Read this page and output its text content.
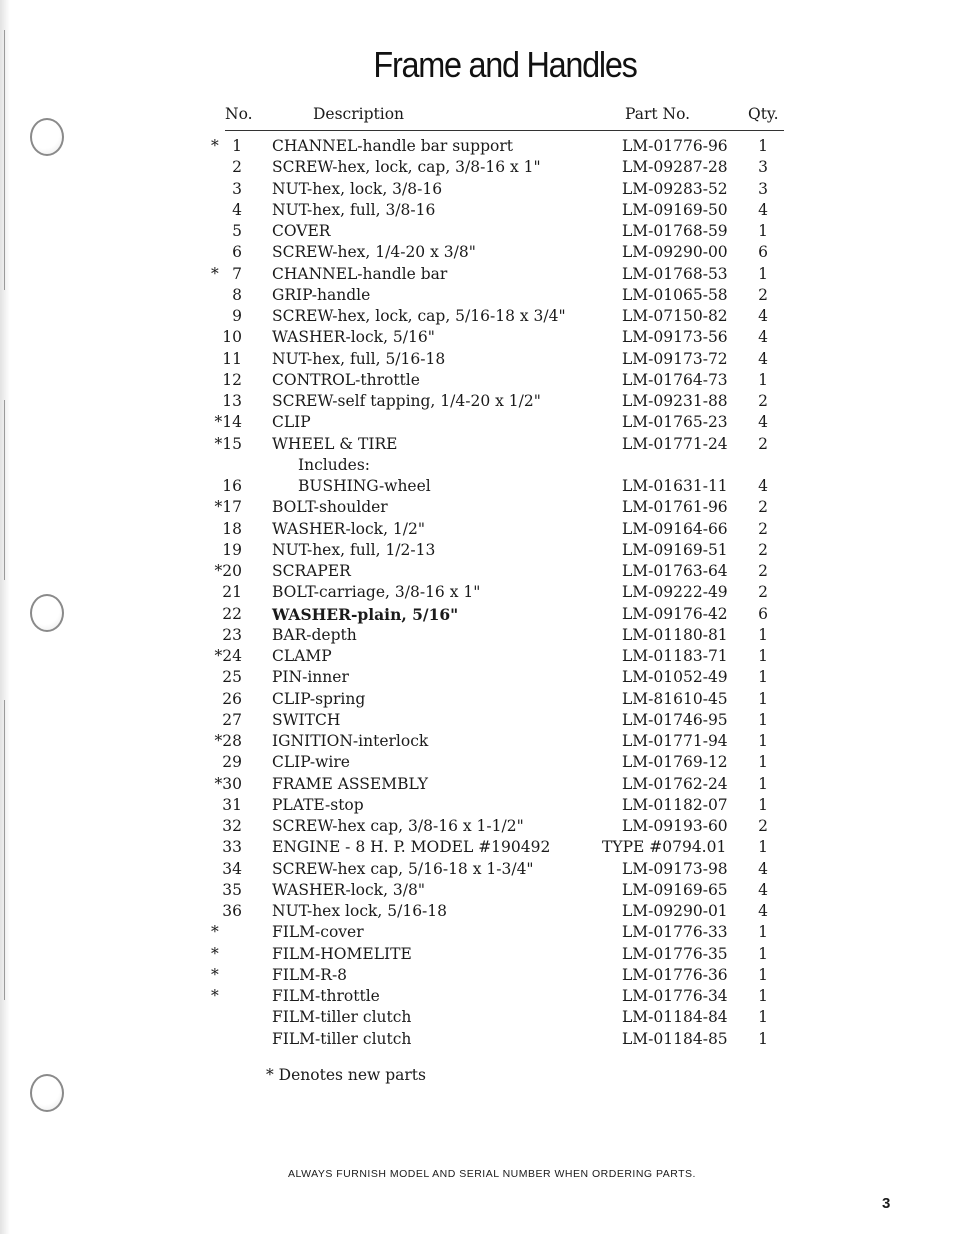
Frame and Handles
No.	Description	Part No.	Qty.
* 1 CHANNEL-handle bar support	LM-01776-96 1
2 SCREW-hex, lock, cap, 3/8-16 x 1"	LM-09287-28 3
3 NUT-hex, lock, 3/8-16	LM-09283-52 3
4 NUT-hex, full, 3/8-16	LM-09169-50 4
5 COVER	LM-01768-59 1
6 SCREW-hex, 1/4-20 x 3/8"	LM-09290-00 6
* 7 CHANNEL-handle bar	LM-01768-53 1
8 GRIP-handle	LM-01065-58 2
9 SCREW-hex, lock, cap, 5/16-18 x 3/4"	LM-07150-82 4
10 WASHER-lock, 5/16"	LM-09173-56 4
11 NUT-hex, full, 5/16-18	LM-09173-72 4
12 CONTROL-throttle	LM-01764-73 1
13 SCREW-self tapping, 1/4-20 x 1/2"	LM-09231-88 2
*14 CLIP	LM-01765-23 4
*15 WHEEL & TIRE	LM-01771-24 2
Includes:
16	BUSHING-wheel	LM-01631-11 4
*17 BOLT-shoulder	LM-01761-96 2
18 WASHER-lock, 1/2"	LM-09164-66 2
19 NUT-hex, full, 1/2-13	LM-09169-51 2
*20 SCRAPER	LM-01763-64 2
21 BOLT-carriage, 3/8-16 x 1"	LM-09222-49 2
22 WASHER-plain, 5/16"	LM-09176-42 6
23 BAR-depth	LM-01180-81 1
*24 CLAMP	LM-01183-71 1
25 PIN-inner	LM-01052-49 1
26 CLIP-spring	LM-81610-45 1
27 SWITCH	LM-01746-95 1
*28 IGNITION-interlock	LM-01771-94 1
29 CLIP-wire	LM-01769-12 1
*30 FRAME ASSEMBLY	LM-01762-24 1
31 PLATE-stop	LM-01182-07 1
32 SCREW-hex cap, 3/8-16 x 1-1/2"	LM-09193-60 2
33 ENGINE - 8 H. P. MODEL #190492	TYPE #0794.01 1
34 SCREW-hex cap, 5/16-18 x 1-3/4"	LM-09173-98 4
35 WASHER-lock, 3/8"	LM-09169-65 4
36 NUT-hex lock, 5/16-18	LM-09290-01 4
*	FILM-cover	LM-01776-33 1
*	FILM-HOMELITE	LM-01776-35 1
*	FILM-R-8	LM-01776-36 1
*	FILM-throttle	LM-01776-34 1
FILM-tiller clutch	LM-01184-84 1
FILM-tiller clutch	LM-01184-85 1
* Denotes new parts
ALWAYS FURNISH MODEL AND SERIAL NUMBER WHEN ORDERING PARTS.
3
